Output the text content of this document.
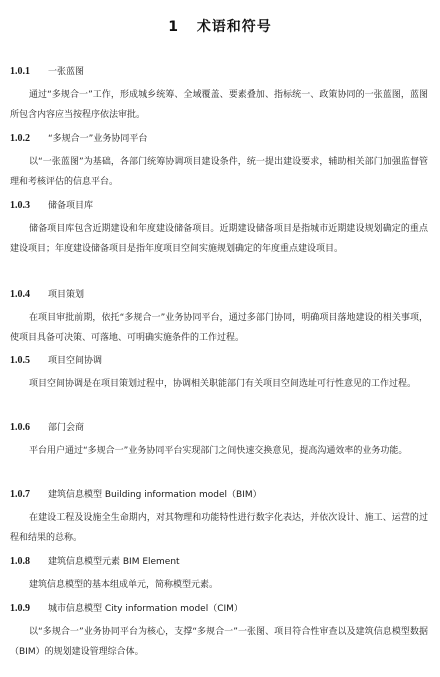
1 术语和符号
1.0.1 一张蓝图
通过“多规合一”工作，形成城乡统筹、全域覆盖、要素叠加、指标统一、政策协同的一张蓝图，蓝图所包含内容应当按程序依法审批。
1.0.2 “多规合一”业务协同平台
以“一张蓝图”为基础，各部门统筹协调项目建设条件，统一提出建设要求，辅助相关部门加强监督管理和考核评估的信息平台。
1.0.3 储备项目库
储备项目库包含近期建设和年度建设储备项目。近期建设储备项目是指城市近期建设规划确定的重点建设项目；年度建设储备项目是指年度项目空间实施规划确定的年度重点建设项目。
1.0.4 项目策划
在项目审批前期，依托“多规合一”业务协同平台，通过多部门协同，明确项目落地建设的相关事项，使项目具备可决策、可落地、可明确实施条件的工作过程。
1.0.5 项目空间协调
项目空间协调是在项目策划过程中，协调相关职能部门有关项目空间选址可行性意见的工作过程。
1.0.6 部门会商
平台用户通过“多规合一”业务协同平台实现部门之间快速交换意见，提高沟通效率的业务功能。
1.0.7 建筑信息模型 Building information model（BIM）
在建设工程及设施全生命期内，对其物理和功能特性进行数字化表达，并依次设计、施工、运营的过程和结果的总称。
1.0.8 建筑信息模型元素 BIM Element
建筑信息模型的基本组成单元，简称模型元素。
1.0.9 城市信息模型 City information model（CIM）
以“多规合一”业务协同平台为核心，支撑“多规合一”一张图、项目符合性审查以及建筑信息模型数据（BIM）的规划建设管理综合体。
